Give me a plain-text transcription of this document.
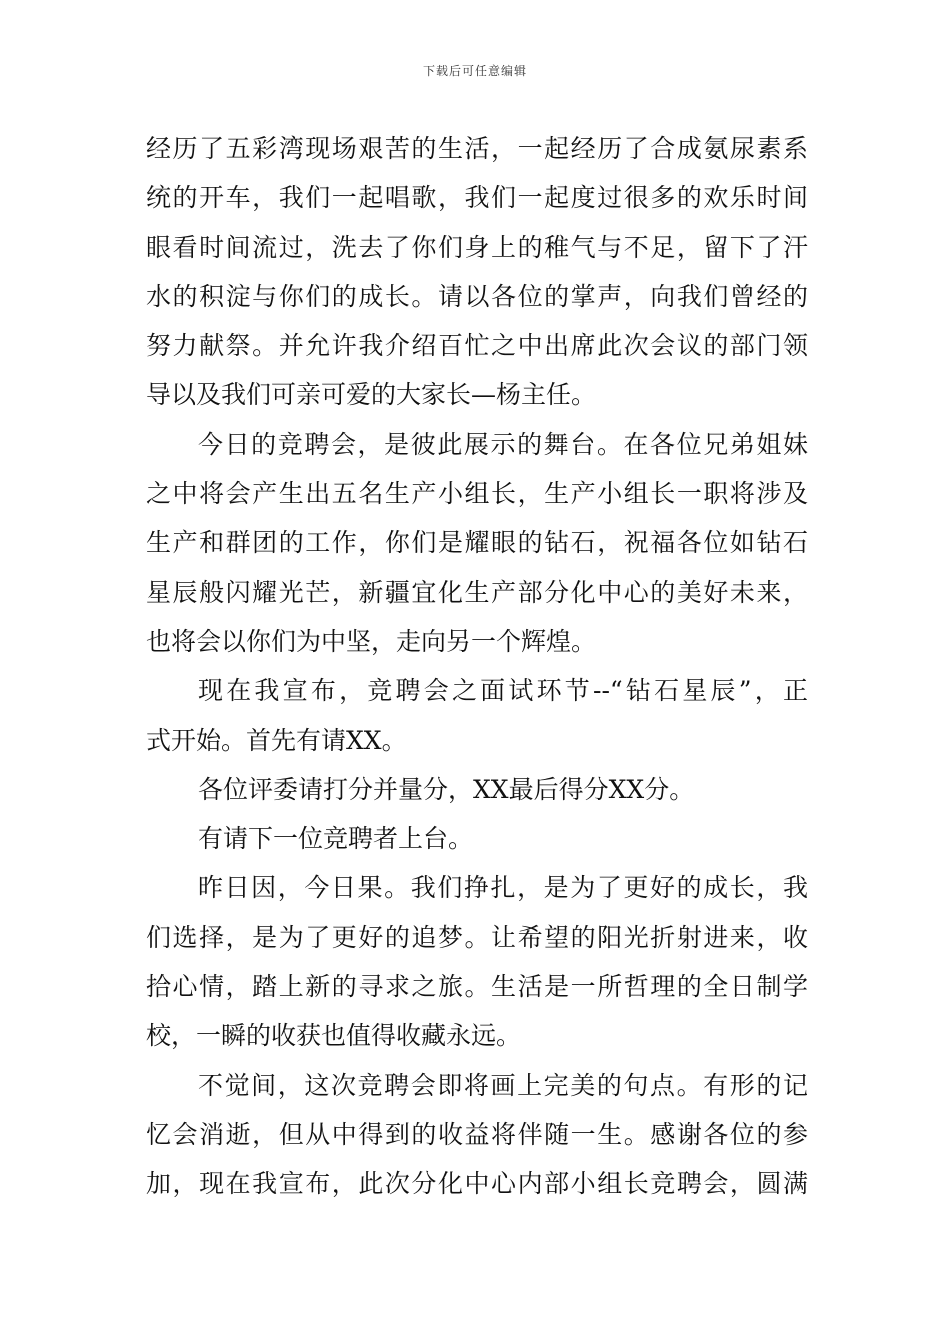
下载后可任意编辑
经历了五彩湾现场艰苦的生活，一起经历了合成氨尿素系
统的开车，我们一起唱歌，我们一起度过很多的欢乐时间
眼看时间流过，洗去了你们身上的稚气与不足，留下了汗
水的积淀与你们的成长。请以各位的掌声，向我们曾经的
努力献祭。并允许我介绍百忙之中出席此次会议的部门领
导以及我们可亲可爱的大家长—杨主任。
今日的竞聘会，是彼此展示的舞台。在各位兄弟姐妹
之中将会产生出五名生产小组长，生产小组长一职将涉及
生产和群团的工作，你们是耀眼的钻石，祝福各位如钻石
星辰般闪耀光芒，新疆宜化生产部分化中心的美好未来，
也将会以你们为中坚，走向另一个辉煌。
现在我宣布，竞聘会之面试环节--“钻石星辰”，正
式开始。首先有请XX。
各位评委请打分并量分，XX最后得分XX分。
有请下一位竞聘者上台。
昨日因，今日果。我们挣扎，是为了更好的成长，我
们选择，是为了更好的追梦。让希望的阳光折射进来，收
拾心情，踏上新的寻求之旅。生活是一所哲理的全日制学
校，一瞬的收获也值得收藏永远。
不觉间，这次竞聘会即将画上完美的句点。有形的记
忆会消逝，但从中得到的收益将伴随一生。感谢各位的参
加，现在我宣布，此次分化中心内部小组长竞聘会，圆满
